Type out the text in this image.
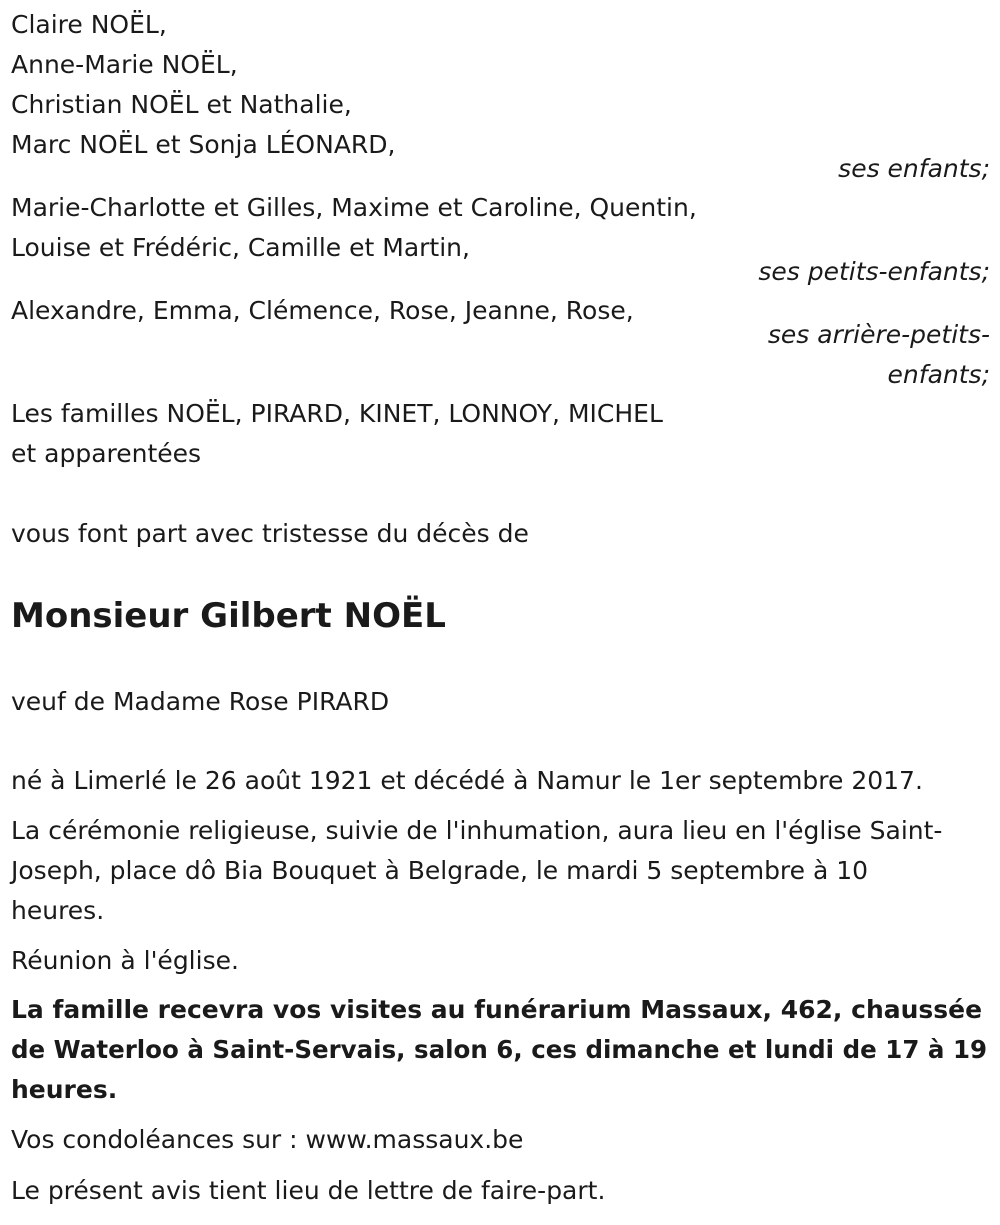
Claire NOËL,
Anne-Marie NOËL,
Christian NOËL et Nathalie,
Marc NOËL et Sonja LÉONARD,
ses enfants;
Marie-Charlotte et Gilles, Maxime et Caroline, Quentin,
Louise et Frédéric, Camille et Martin,
ses petits-enfants;
Alexandre, Emma, Clémence, Rose, Jeanne, Rose,
ses arrière-petits-
enfants;
Les familles NOËL, PIRARD, KINET, LONNOY, MICHEL
et apparentées
vous font part avec tristesse du décès de
Monsieur Gilbert NOËL
veuf de Madame Rose PIRARD
né à Limerlé le 26 août 1921 et décédé à Namur le 1er septembre 2017.
La cérémonie religieuse, suivie de l'inhumation, aura lieu en l'église Saint-
Joseph, place dô Bia Bouquet à Belgrade, le mardi 5 septembre à 10
heures.
Réunion à l'église.
La famille recevra vos visites au funérarium Massaux, 462, chaussée
de Waterloo à Saint-Servais, salon 6, ces dimanche et lundi de 17 à 19
heures.
Vos condoléances sur : www.massaux.be
Le présent avis tient lieu de lettre de faire-part.
